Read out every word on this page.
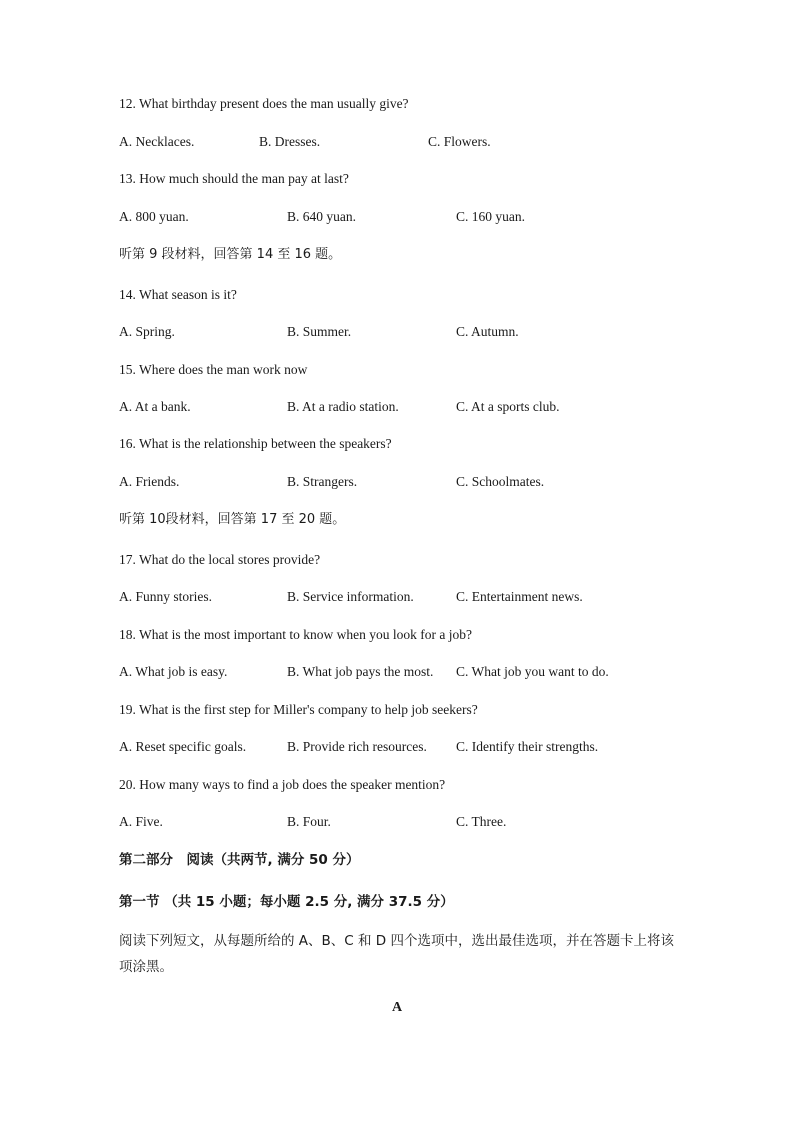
12. What birthday present does the man usually give?
A. Necklaces.	B. Dresses.	C. Flowers.
13. How much should the man pay at last?
A. 800 yuan.	B. 640 yuan.	C. 160 yuan.
听第 9 段材料，回答第 14 至 16 题。
14. What season is it?
A. Spring.	B. Summer.	C. Autumn.
15. Where does the man work now
A. At a bank.	B. At a radio station.	C. At a sports club.
16. What is the relationship between the speakers?
A. Friends.	B. Strangers.	C. Schoolmates.
听第 10段材料，回答第 17 至 20 题。
17. What do the local stores provide?
A. Funny stories.	B. Service information.	C. Entertainment news.
18. What is the most important to know when you look for a job?
A. What job is easy.	B. What job pays the most. C. What job you want to do.
19. What is the first step for Miller's company to help job seekers?
A. Reset specific goals.	B. Provide rich resources. C. Identify their strengths.
20. How many ways to find a job does the speaker mention?
A. Five.	B. Four.	C. Three.
第二部分　阅读（共两节, 满分 50 分）
第一节 （共 15 小题；每小题 2.5 分, 满分 37.5 分）
阅读下列短文，从每题所给的 A、B、C 和 D 四个选项中，选出最佳选项，并在答题卡上将该项涂黑。
A
